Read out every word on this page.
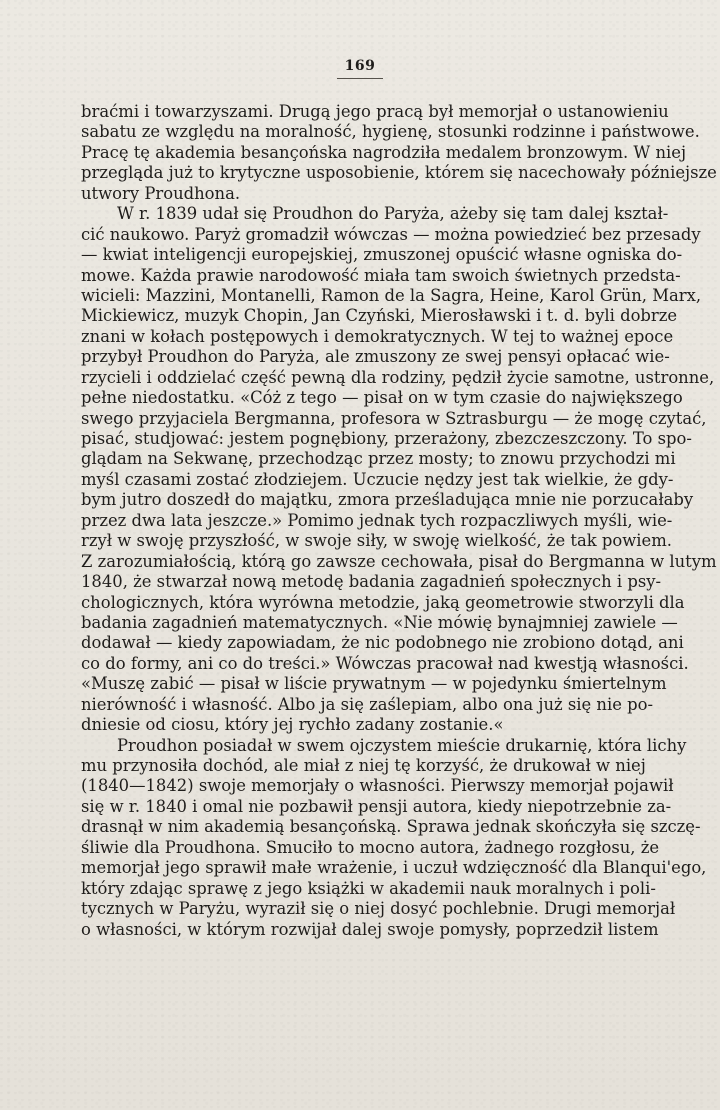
169
braćmi i towarzyszami. Drugą jego pracą był memorjał o ustanowieniu
sabatu ze względu na moralność, hygienę, stosunki rodzinne i państwowe.
Pracę tę akademia besançońska nagrodziła medalem bronzowym. W niej
przegląda już to krytyczne usposobienie, którem się nacechowały późniejsze
utwory Proudhona.
W r. 1839 udał się Proudhon do Paryża, ażeby się tam dalej kształ-
cić naukowo. Paryż gromadził wówczas — można powiedzieć bez przesady
— kwiat inteligencji europejskiej, zmuszonej opuścić własne ogniska do-
mowe. Każda prawie narodowość miała tam swoich świetnych przedsta-
wicieli: Mazzini, Montanelli, Ramon de la Sagra, Heine, Karol Grün, Marx,
Mickiewicz, muzyk Chopin, Jan Czyński, Mierosławski i t. d. byli dobrze
znani w kołach postępowych i demokratycznych. W tej to ważnej epoce
przybył Proudhon do Paryża, ale zmuszony ze swej pensyi opłacać wie-
rzycieli i oddzielać część pewną dla rodziny, pędził życie samotne, ustronne,
pełne niedostatku. «Cóż z tego — pisał on w tym czasie do największego
swego przyjaciela Bergmanna, profesora w Sztrasburgu — że mogę czytać,
pisać, studjować: jestem pognębiony, przerażony, zbezczeszczony. To spo-
glądam na Sekwanę, przechodząc przez mosty; to znowu przychodzi mi
myśl czasami zostać złodziejem. Uczucie nędzy jest tak wielkie, że gdy-
bym jutro doszedł do majątku, zmora prześladująca mnie nie porzucałaby
przez dwa lata jeszcze.» Pomimo jednak tych rozpaczliwych myśli, wie-
rzył w swoję przyszłość, w swoje siły, w swoję wielkość, że tak powiem.
Z zarozumiałością, którą go zawsze cechowała, pisał do Bergmanna w lutym
1840, że stwarzał nową metodę badania zagadnień społecznych i psy-
chologicznych, która wyrówna metodzie, jaką geometrowie stworzyli dla
badania zagadnień matematycznych. «Nie mówię bynajmniej zawiele —
dodawał — kiedy zapowiadam, że nic podobnego nie zrobiono dotąd, ani
co do formy, ani co do treści.» Wówczas pracował nad kwestją własności.
«Muszę zabić — pisał w liście prywatnym — w pojedynku śmiertelnym
nierówność i własność. Albo ja się zaślepiam, albo ona już się nie po-
dniesie od ciosu, który jej rychło zadany zostanie.«
Proudhon posiadał w swem ojczystem mieście drukarnię, która lichy
mu przynosiła dochód, ale miał z niej tę korzyść, że drukował w niej
(1840—1842) swoje memorjały o własności. Pierwszy memorjał pojawił
się w r. 1840 i omal nie pozbawił pensji autora, kiedy niepotrzebnie za-
drasnął w nim akademią besançońską. Sprawa jednak skończyła się szczę-
śliwie dla Proudhona. Smuciło to mocno autora, żadnego rozgłosu, że
memorjał jego sprawił małe wrażenie, i uczuł wdzięczność dla Blanqui'ego,
który zdając sprawę z jego książki w akademii nauk moralnych i poli-
tycznych w Paryżu, wyraził się o niej dosyć pochlebnie. Drugi memorjał
o własności, w którym rozwijał dalej swoje pomysły, poprzedził listem
